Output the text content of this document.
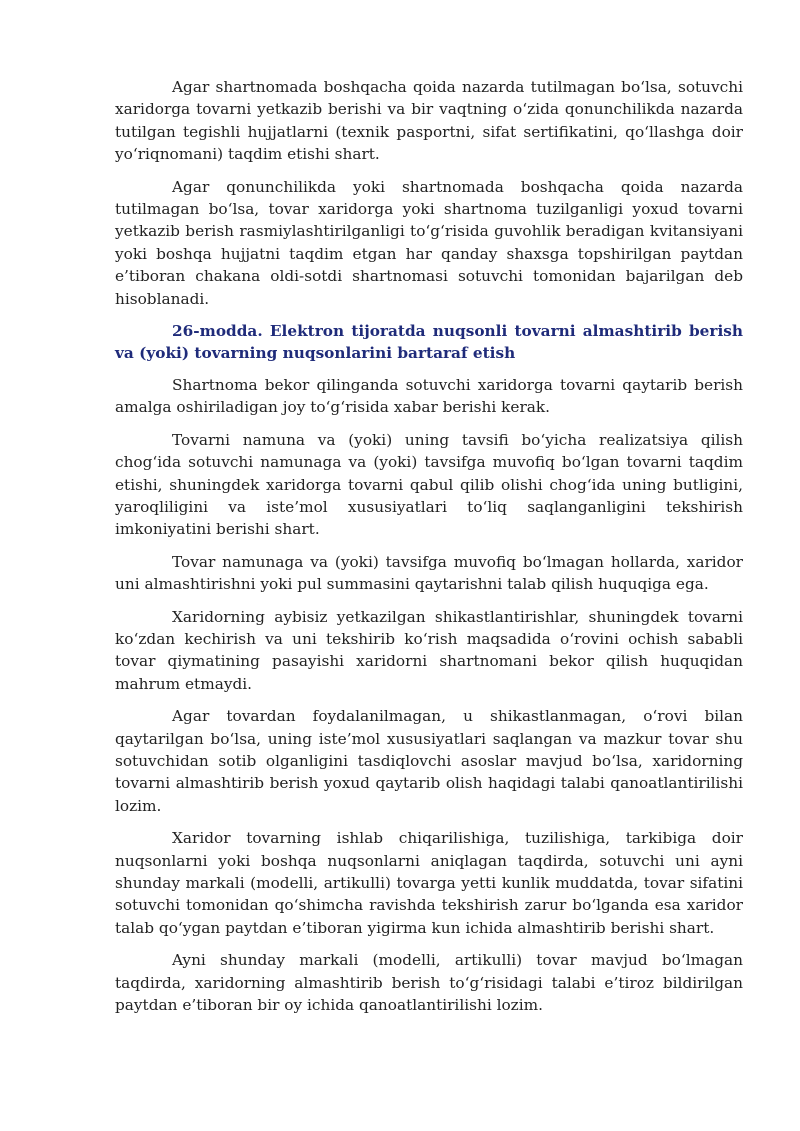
Agar shartnomada boshqacha qoida nazarda tutilmagan bo‘lsa, sotuvchi xaridorga tovarni yetkazib berishi va bir vaqtning o‘zida qonunchilikda nazarda tutilgan tegishli hujjatlarni (texnik pasportni, sifat sertifikatini, qo‘llashga doir yo‘riqnomani) taqdim etishi shart.

Agar qonunchilikda yoki shartnomada boshqacha qoida nazarda tutilmagan bo‘lsa, tovar xaridorga yoki shartnoma tuzilganligi yoxud tovarni yetkazib berish rasmiylashtirilganligi to‘g‘risida guvohlik beradigan kvitansiyani yoki boshqa hujjatni taqdim etgan har qanday shaxsga topshirilgan paytdan e’tiboran chakana oldi-sotdi shartnomasi sotuvchi tomonidan bajarilgan deb hisoblanadi.

26-modda. Elektron tijoratda nuqsonli tovarni almashtirib berish va (yoki) tovarning nuqsonlarini bartaraf etish

Shartnoma bekor qilinganda sotuvchi xaridorga tovarni qaytarib berish amalga oshiriladigan joy to‘g‘risida xabar berishi kerak.

Tovarni namuna va (yoki) uning tavsifi bo‘yicha realizatsiya qilish chog‘ida sotuvchi namunaga va (yoki) tavsifga muvofiq bo‘lgan tovarni taqdim etishi, shuningdek xaridorga tovarni qabul qilib olishi chog‘ida uning butligini, yaroqliligini va iste’mol xususiyatlari to‘liq saqlanganligini tekshirish imkoniyatini berishi shart.

Tovar namunaga va (yoki) tavsifga muvofiq bo‘lmagan hollarda, xaridor uni almashtirishni yoki pul summasini qaytarishni talab qilish huquqiga ega.

Xaridorning aybisiz yetkazilgan shikastlantirishlar, shuningdek tovarni ko‘zdan kechirish va uni tekshirib ko‘rish maqsadida o‘rovini ochish sababli tovar qiymatining pasayishi xaridorni shartnomani bekor qilish huquqidan mahrum etmaydi.

Agar tovardan foydalanilmagan, u shikastlanmagan, o‘rovi bilan qaytarilgan bo‘lsa, uning iste’mol xususiyatlari saqlangan va mazkur tovar shu sotuvchidan sotib olganligini tasdiqlovchi asoslar mavjud bo‘lsa, xaridorning tovarni almashtirib berish yoxud qaytarib olish haqidagi talabi qanoatlantirilishi lozim.

Xaridor tovarning ishlab chiqarilishiga, tuzilishiga, tarkibiga doir nuqsonlarni yoki boshqa nuqsonlarni aniqlagan taqdirda, sotuvchi uni ayni shunday markali (modelli, artikulli) tovarga yetti kunlik muddatda, tovar sifatini sotuvchi tomonidan qo‘shimcha ravishda tekshirish zarur bo‘lganda esa xaridor talab qo‘ygan paytdan e’tiboran yigirma kun ichida almashtirib berishi shart.

Ayni shunday markali (modelli, artikulli) tovar mavjud bo‘lmagan taqdirda, xaridorning almashtirib berish to‘g‘risidagi talabi e’tiroz bildirilgan paytdan e’tiboran bir oy ichida qanoatlantirilishi lozim.
